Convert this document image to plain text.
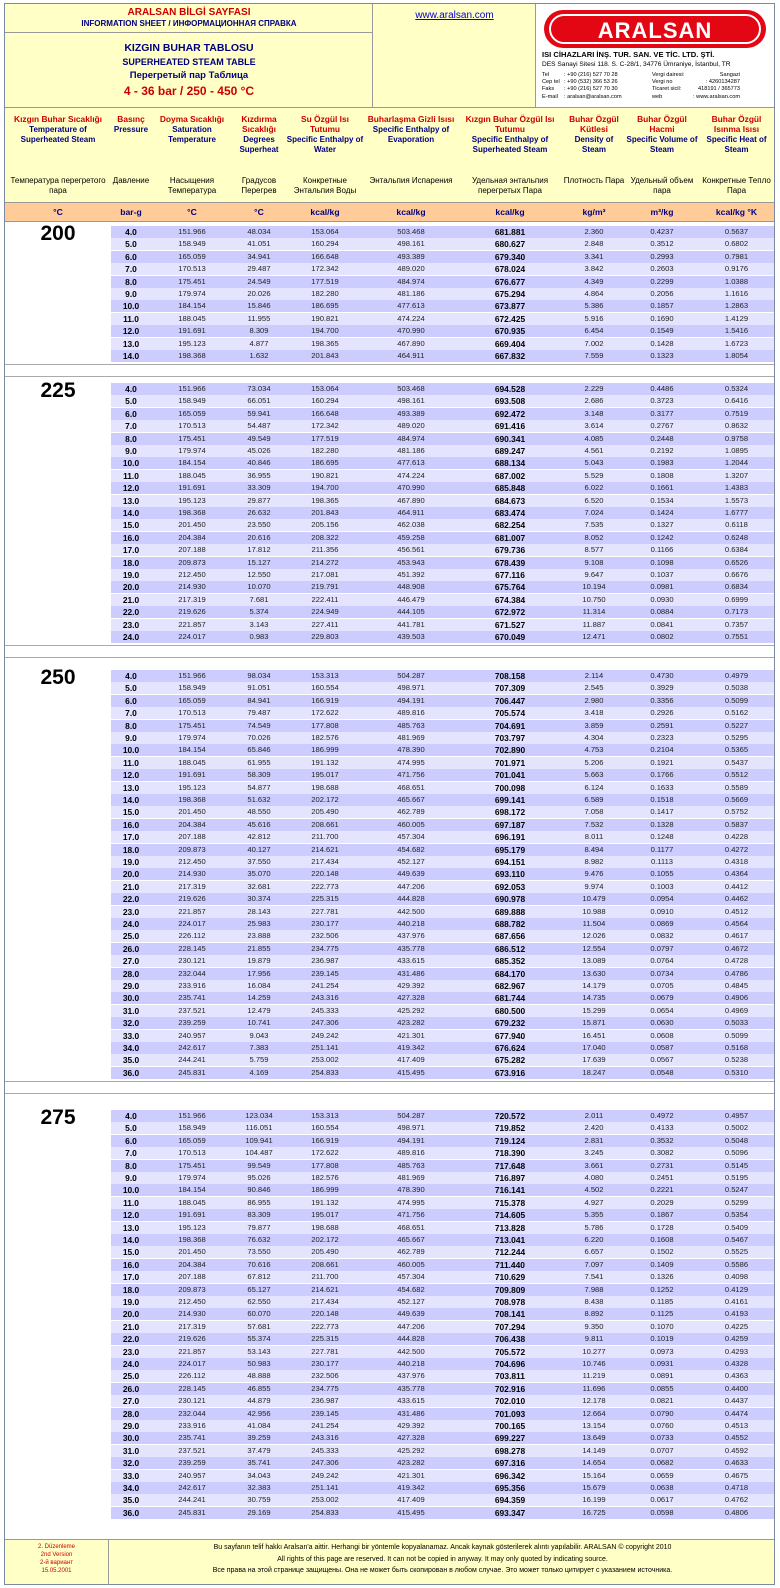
ARALSAN BİLGİ SAYFASI
INFORMATION SHEET / ИНФОРМАЦИОННАЯ СПРАВКА
KIZGIN BUHAR TABLOSU
SUPERHEATED STEAM TABLE
Перегретый пар Таблица
4 - 36 bar / 250 - 450 °C
www.aralsan.com
ARALSAN
ISI CİHAZLARI İNŞ. TUR. SAN. VE TİC. LTD. ŞTİ.
DES Sanayi Sitesi 118. S. C-28/1, 34776 Ümraniye, İstanbul, TR
Tel	: +90 (216) 527 70 28	Vergi dairesi:	Sangazi
Cep tel : +90 (532) 366 53 26	Vergi no	: 4260134287
Faks : +90 (216) 527 70 30	Ticaret sicil:	418191 / 365773
E-mail : aralsan@aralsan.com	web	: www.aralsan.com
Kızgın Buhar Sıcaklığı
Temperature of Superheated Steam
Температура перегретого пара
Basınç
Pressure
Давление
Doyma Sıcaklığı
Saturation Temperature
Насыщения Температура
Kızdırma Sıcaklığı
Degrees Superheat
Градусов Перегрев
Su Özgül Isı Tutumu
Specific Enthalpy of Water
Конкретные Энтальпия Воды
Buharlaşma Gizli Isısı
Specific Enthalpy of Evaporation
Энтальпия Испарения
Kızgın Buhar Özgül Isı Tutumu
Specific Enthalpy of Superheated Steam
Удельная энтальпия перегретых Пара
Buhar Özgül Kütlesi
Density of Steam
Плотность Пара
Buhar Özgül Hacmi
Specific Volume of Steam
Удельный объем пара
Buhar Özgül Isınma Isısı
Specific Heat of Steam
Конкретные Тепло Пара
°C	bar-g	°C	°C	kcal/kg	kcal/kg	kcal/kg	kg/m³	m³/kg	kcal/kg °K
200	4.0	151.966	48.034	153.064	503.468	681.881	2.360	0.4237	0.5637
5.0	158.949	41.051	160.294	498.161	680.627	2.848	0.3512	0.6802
6.0	165.059	34.941	166.648	493.389	679.340	3.341	0.2993	0.7981
7.0	170.513	29.487	172.342	489.020	678.024	3.842	0.2603	0.9176
8.0	175.451	24.549	177.519	484.974	676.677	4.349	0.2299	1.0388
9.0	179.974	20.026	182.280	481.186	675.294	4.864	0.2056	1.1616
10.0	184.154	15.846	186.695	477.613	673.877	5.386	0.1857	1.2863
11.0	188.045	11.955	190.821	474.224	672.425	5.916	0.1690	1.4129
12.0	191.691	8.309	194.700	470.990	670.935	6.454	0.1549	1.5416
13.0	195.123	4.877	198.365	467.890	669.404	7.002	0.1428	1.6723
14.0	198.368	1.632	201.843	464.911	667.832	7.559	0.1323	1.8054
225	4.0	151.966	73.034	153.064	503.468	694.528	2.229	0.4486	0.5324
5.0	158.949	66.051	160.294	498.161	693.508	2.686	0.3723	0.6416
6.0	165.059	59.941	166.648	493.389	692.472	3.148	0.3177	0.7519
7.0	170.513	54.487	172.342	489.020	691.416	3.614	0.2767	0.8632
8.0	175.451	49.549	177.519	484.974	690.341	4.085	0.2448	0.9758
9.0	179.974	45.026	182.280	481.186	689.247	4.561	0.2192	1.0895
10.0	184.154	40.846	186.695	477.613	688.134	5.043	0.1983	1.2044
11.0	188.045	36.955	190.821	474.224	687.002	5.529	0.1808	1.3207
12.0	191.691	33.309	194.700	470.990	685.848	6.022	0.1661	1.4383
13.0	195.123	29.877	198.365	467.890	684.673	6.520	0.1534	1.5573
14.0	198.368	26.632	201.843	464.911	683.474	7.024	0.1424	1.6777
15.0	201.450	23.550	205.156	462.038	682.254	7.535	0.1327	0.6118
16.0	204.384	20.616	208.322	459.258	681.007	8.052	0.1242	0.6248
17.0	207.188	17.812	211.356	456.561	679.736	8.577	0.1166	0.6384
18.0	209.873	15.127	214.272	453.943	678.439	9.108	0.1098	0.6526
19.0	212.450	12.550	217.081	451.392	677.116	9.647	0.1037	0.6676
20.0	214.930	10.070	219.791	448.908	675.764	10.194	0.0981	0.6834
21.0	217.319	7.681	222.411	446.479	674.384	10.750	0.0930	0.6999
22.0	219.626	5.374	224.949	444.105	672.972	11.314	0.0884	0.7173
23.0	221.857	3.143	227.411	441.781	671.527	11.887	0.0841	0.7357
24.0	224.017	0.983	229.803	439.503	670.049	12.471	0.0802	0.7551
250	4.0	151.966	98.034	153.313	504.287	708.158	2.114	0.4730	0.4979
5.0	158.949	91.051	160.554	498.971	707.309	2.545	0.3929	0.5038
6.0	165.059	84.941	166.919	494.191	706.447	2.980	0.3356	0.5099
7.0	170.513	79.487	172.622	489.816	705.574	3.418	0.2926	0.5162
8.0	175.451	74.549	177.808	485.763	704.691	3.859	0.2591	0.5227
9.0	179.974	70.026	182.576	481.969	703.797	4.304	0.2323	0.5295
10.0	184.154	65.846	186.999	478.390	702.890	4.753	0.2104	0.5365
11.0	188.045	61.955	191.132	474.995	701.971	5.206	0.1921	0.5437
12.0	191.691	58.309	195.017	471.756	701.041	5.663	0.1766	0.5512
13.0	195.123	54.877	198.688	468.651	700.098	6.124	0.1633	0.5589
14.0	198.368	51.632	202.172	465.667	699.141	6.589	0.1518	0.5669
15.0	201.450	48.550	205.490	462.789	698.172	7.058	0.1417	0.5752
16.0	204.384	45.616	208.661	460.005	697.187	7.532	0.1328	0.5837
17.0	207.188	42.812	211.700	457.304	696.191	8.011	0.1248	0.4228
18.0	209.873	40.127	214.621	454.682	695.179	8.494	0.1177	0.4272
19.0	212.450	37.550	217.434	452.127	694.151	8.982	0.1113	0.4318
20.0	214.930	35.070	220.148	449.639	693.110	9.476	0.1055	0.4364
21.0	217.319	32.681	222.773	447.206	692.053	9.974	0.1003	0.4412
22.0	219.626	30.374	225.315	444.828	690.978	10.479	0.0954	0.4462
23.0	221.857	28.143	227.781	442.500	689.888	10.988	0.0910	0.4512
24.0	224.017	25.983	230.177	440.218	688.782	11.504	0.0869	0.4564
25.0	226.112	23.888	232.506	437.976	687.656	12.026	0.0832	0.4617
26.0	228.145	21.855	234.775	435.778	686.512	12.554	0.0797	0.4672
27.0	230.121	19.879	236.987	433.615	685.352	13.089	0.0764	0.4728
28.0	232.044	17.956	239.145	431.486	684.170	13.630	0.0734	0.4786
29.0	233.916	16.084	241.254	429.392	682.967	14.179	0.0705	0.4845
30.0	235.741	14.259	243.316	427.328	681.744	14.735	0.0679	0.4906
31.0	237.521	12.479	245.333	425.292	680.500	15.299	0.0654	0.4969
32.0	239.259	10.741	247.306	423.282	679.232	15.871	0.0630	0.5033
33.0	240.957	9.043	249.242	421.301	677.940	16.451	0.0608	0.5099
34.0	242.617	7.383	251.141	419.342	676.624	17.040	0.0587	0.5168
35.0	244.241	5.759	253.002	417.409	675.282	17.639	0.0567	0.5238
36.0	245.831	4.169	254.833	415.495	673.916	18.247	0.0548	0.5310
275	4.0	151.966	123.034	153.313	504.287	720.572	2.011	0.4972	0.4957
5.0	158.949	116.051	160.554	498.971	719.852	2.420	0.4133	0.5002
6.0	165.059	109.941	166.919	494.191	719.124	2.831	0.3532	0.5048
7.0	170.513	104.487	172.622	489.816	718.390	3.245	0.3082	0.5096
8.0	175.451	99.549	177.808	485.763	717.648	3.661	0.2731	0.5145
9.0	179.974	95.026	182.576	481.969	716.897	4.080	0.2451	0.5195
10.0	184.154	90.846	186.999	478.390	716.141	4.502	0.2221	0.5247
11.0	188.045	86.955	191.132	474.995	715.378	4.927	0.2029	0.5299
12.0	191.691	83.309	195.017	471.756	714.605	5.355	0.1867	0.5354
13.0	195.123	79.877	198.688	468.651	713.828	5.786	0.1728	0.5409
14.0	198.368	76.632	202.172	465.667	713.041	6.220	0.1608	0.5467
15.0	201.450	73.550	205.490	462.789	712.244	6.657	0.1502	0.5525
16.0	204.384	70.616	208.661	460.005	711.440	7.097	0.1409	0.5586
17.0	207.188	67.812	211.700	457.304	710.629	7.541	0.1326	0.4098
18.0	209.873	65.127	214.621	454.682	709.809	7.988	0.1252	0.4129
19.0	212.450	62.550	217.434	452.127	708.978	8.438	0.1185	0.4161
20.0	214.930	60.070	220.148	449.639	708.141	8.892	0.1125	0.4193
21.0	217.319	57.681	222.773	447.206	707.294	9.350	0.1070	0.4225
22.0	219.626	55.374	225.315	444.828	706.438	9.811	0.1019	0.4259
23.0	221.857	53.143	227.781	442.500	705.572	10.277	0.0973	0.4293
24.0	224.017	50.983	230.177	440.218	704.696	10.746	0.0931	0.4328
25.0	226.112	48.888	232.506	437.976	703.811	11.219	0.0891	0.4363
26.0	228.145	46.855	234.775	435.778	702.916	11.696	0.0855	0.4400
27.0	230.121	44.879	236.987	433.615	702.010	12.178	0.0821	0.4437
28.0	232.044	42.956	239.145	431.486	701.093	12.664	0.0790	0.4474
29.0	233.916	41.084	241.254	429.392	700.165	13.154	0.0760	0.4513
30.0	235.741	39.259	243.316	427.328	699.227	13.649	0.0733	0.4552
31.0	237.521	37.479	245.333	425.292	698.278	14.149	0.0707	0.4592
32.0	239.259	35.741	247.306	423.282	697.316	14.654	0.0682	0.4633
33.0	240.957	34.043	249.242	421.301	696.342	15.164	0.0659	0.4675
34.0	242.617	32.383	251.141	419.342	695.356	15.679	0.0638	0.4718
35.0	244.241	30.759	253.002	417.409	694.359	16.199	0.0617	0.4762
36.0	245.831	29.169	254.833	415.495	693.347	16.725	0.0598	0.4806
2. Düzenleme
2nd Version
2-й вариант
15.05.2001
Bu sayfanın telif hakkı Aralsan'a aittir. Herhangi bir yöntemle kopyalanamaz. Ancak kaynak gösterilerek alıntı yapılabilir. ARALSAN © copyright 2010
All rights of this page are reserved. It can not be copied in anyway. It may only quoted by indicating source.
Все права на этой странице защищены. Она не может быть скопирован в любом случае. Это может только цитирует с указанием источника.
